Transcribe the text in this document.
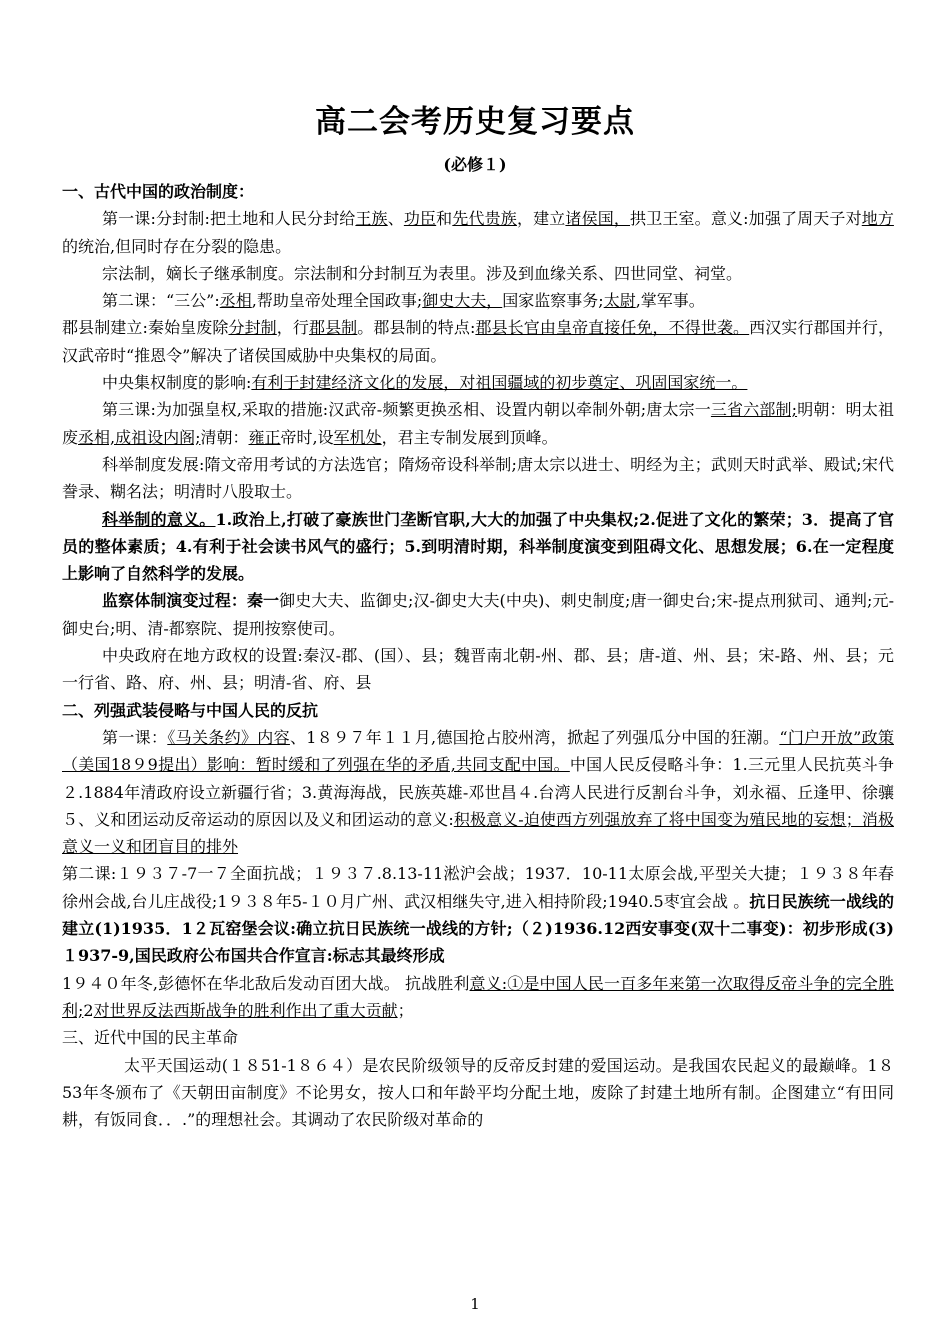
高二会考历史复习要点
(必修１)

一、古代中国的政治制度：

第一课:分封制:把土地和人民分封给王族、功臣和先代贵族，建立诸侯国，拱卫王室。意义:加强了周天子对地方的统治,但同时存在分裂的隐患。

宗法制，嫡长子继承制度。宗法制和分封制互为表里。涉及到血缘关系、四世同堂、祠堂。

第二课：“三公”:丞相,帮助皇帝处理全国政事;御史大夫，国家监察事务;太尉,掌军事。

郡县制建立:秦始皇废除分封制，行郡县制。郡县制的特点:郡县长官由皇帝直接任免，不得世袭。西汉实行郡国并行，汉武帝时“推恩令”解决了诸侯国威胁中央集权的局面。

中央集权制度的影响:有利于封建经济文化的发展，对祖国疆域的初步奠定、巩固国家统一。

第三课:为加强皇权,采取的措施:汉武帝-频繁更换丞相、设置内朝以牵制外朝;唐太宗一三省六部制;明朝：明太祖废丞相,成祖设内阁;清朝：雍正帝时,设军机处，君主专制发展到顶峰。

科举制度发展:隋文帝用考试的方法选官；隋炀帝设科举制;唐太宗以进士、明经为主；武则天时武举、殿试;宋代誊录、糊名法；明清时八股取士。

科举制的意义。1.政治上,打破了豪族世门垄断官职,大大的加强了中央集权;2.促进了文化的繁荣；3．提高了官员的整体素质；4.有利于社会读书风气的盛行；5.到明清时期，科举制度演变到阻碍文化、思想发展；6.在一定程度上影响了自然科学的发展。

监察体制演变过程：秦一御史大夫、监御史;汉-御史大夫(中央)、刺史制度;唐一御史台;宋-提点刑狱司、通判;元-御史台;明、清-都察院、提刑按察使司。

中央政府在地方政权的设置:秦汉-郡、(国）、县；魏晋南北朝-州、郡、县；唐-道、州、县；宋-路、州、县；元一行省、路、府、州、县；明清-省、府、县

二、列强武装侵略与中国人民的反抗

第一课：《马关条约》内容、1８９７年１１月,德国抢占胶州湾，掀起了列强瓜分中国的狂潮。“门户开放”政策（美国18９9提出）影响：暂时缓和了列强在华的矛盾,共同支配中国。中国人民反侵略斗争：1.三元里人民抗英斗争２.1884年清政府设立新疆行省；3.黄海海战，民族英雄-邓世昌４.台湾人民进行反割台斗争，刘永福、丘逢甲、徐骧５、义和团运动反帝运动的原因以及义和团运动的意义:积极意义-迫使西方列强放弃了将中国变为殖民地的妄想；消极意义一义和团盲目的排外

第二课:１９３７-7一７全面抗战；１９３７.8.13-11淞沪会战；1937．10-11太原会战,平型关大捷；１９３８年春徐州会战,台儿庄战役;1９３８年5-１０月广州、武汉相继失守,进入相持阶段;1940.5枣宜会战 。抗日民族统一战线的建立(1)1935．1２瓦窑堡会议:确立抗日民族统一战线的方针;（２)1936.12西安事变(双十二事变)：初步形成(3)１937-9,国民政府公布国共合作宣言:标志其最终形成

1９４０年冬,彭德怀在华北敌后发动百团大战。 抗战胜利意义:①是中国人民一百多年来第一次取得反帝斗争的完全胜利;2对世界反法西斯战争的胜利作出了重大贡献；

三、近代中国的民主革命

太平天国运动(１８51-1８６４）是农民阶级领导的反帝反封建的爱国运动。是我国农民起义的最巅峰。1８53年冬颁布了《天朝田亩制度》不论男女，按人口和年龄平均分配土地，废除了封建土地所有制。企图建立“有田同耕，有饭同食．．.”的理想社会。其调动了农民阶级对革命的

1
